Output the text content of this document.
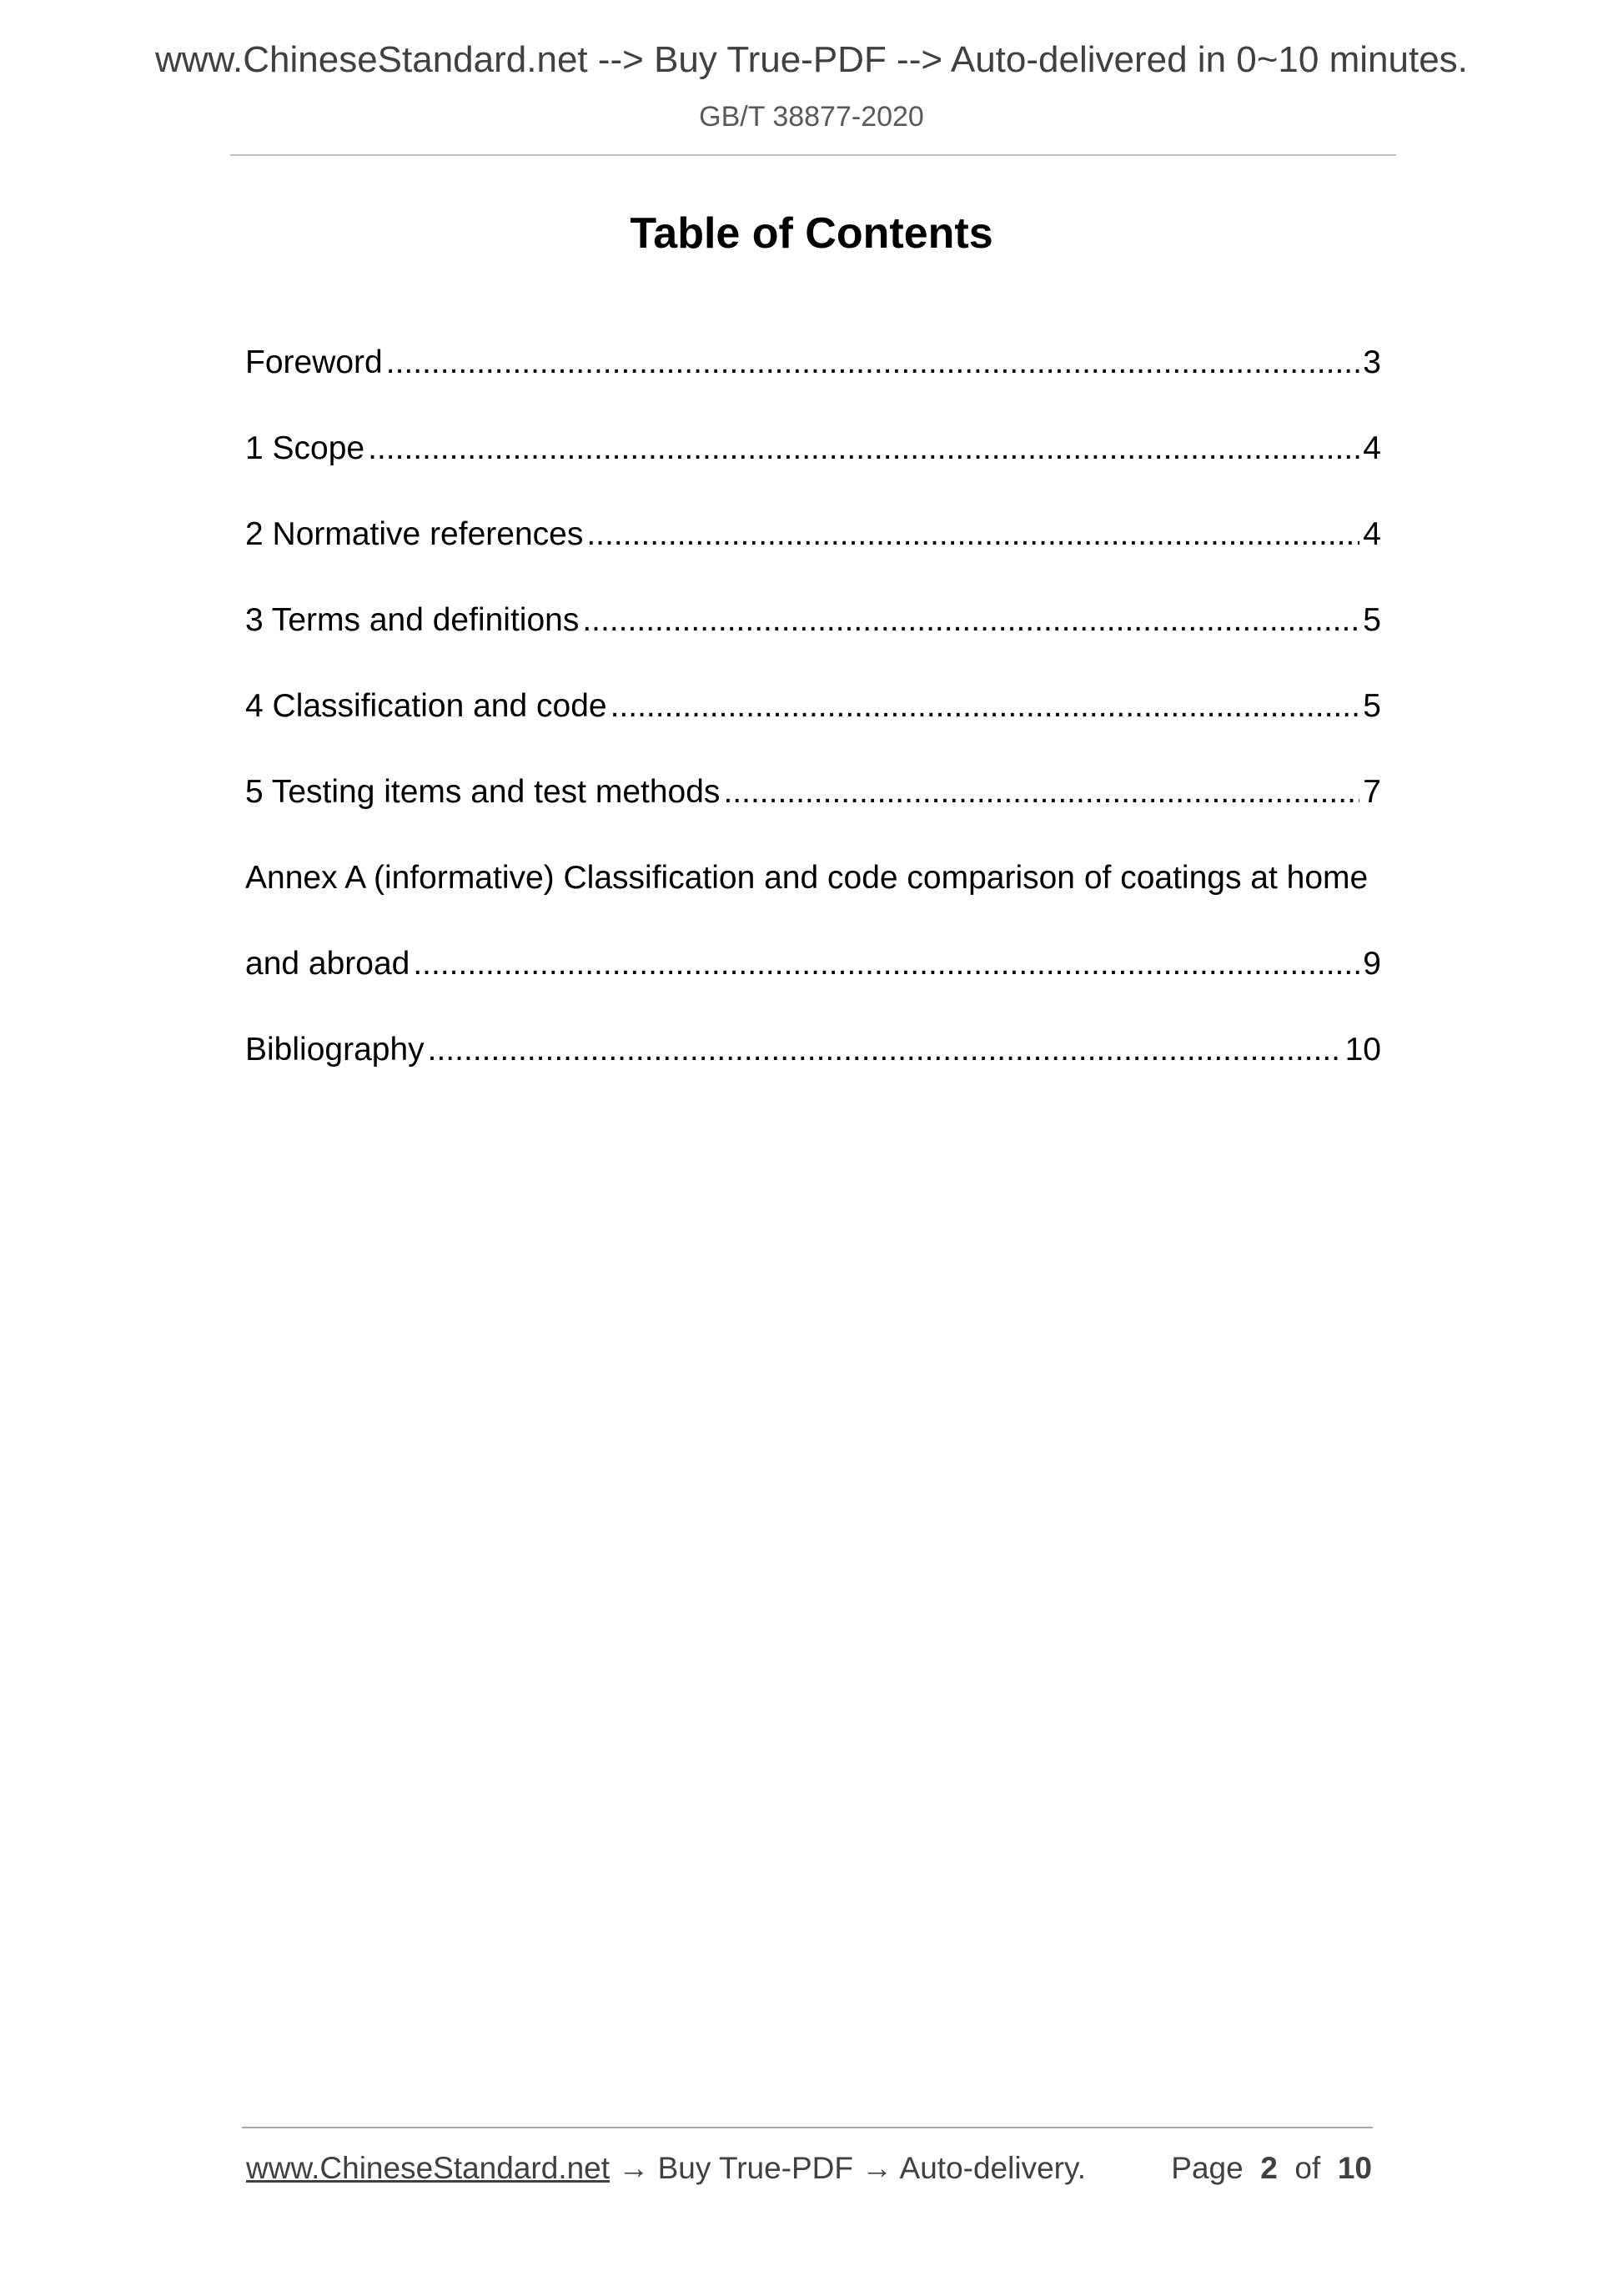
www.ChineseStandard.net --> Buy True-PDF --> Auto-delivered in 0~10 minutes.
GB/T 38877-2020
Table of Contents
Foreword .....	3
1 Scope .....	4
2 Normative references .....	4
3 Terms and definitions .....	5
4 Classification and code .....	5
5 Testing items and test methods .....	7
Annex A (informative) Classification and code comparison of coatings at home
and abroad .....	9
Bibliography .....	10
www.ChineseStandard.net → Buy True-PDF → Auto-delivery.	Page 2 of 10
